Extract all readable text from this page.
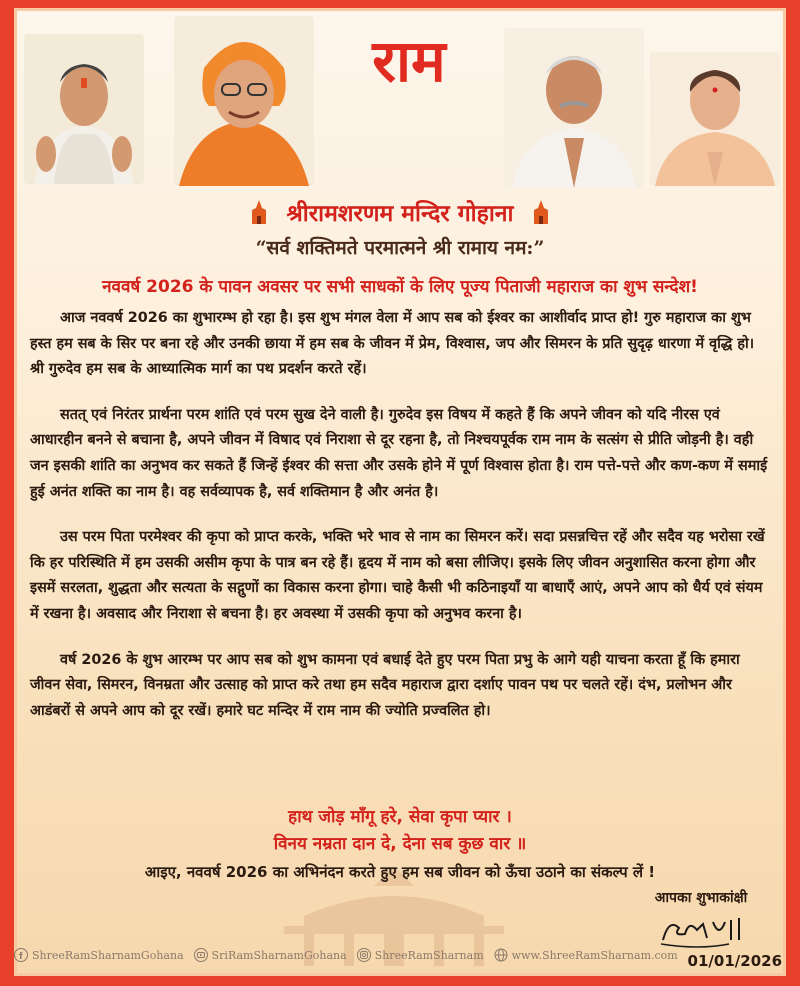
राम
श्रीरामशरणम मन्दिर गोहाना
“सर्व शक्तिमते परमात्मने श्री रामाय नम:”
नववर्ष 2026 के पावन अवसर पर सभी साधकों के लिए पूज्य पिताजी महाराज का शुभ सन्देश!

आज नववर्ष 2026 का शुभारम्भ हो रहा है। इस शुभ मंगल वेला में आप सब को ईश्वर का आशीर्वाद प्राप्त हो! गुरु महाराज का शुभ हस्त हम सब के सिर पर बना रहे और उनकी छाया में हम सब के जीवन में प्रेम, विश्वास, जप और सिमरन के प्रति सुदृढ़ धारणा में वृद्धि हो। श्री गुरुदेव हम सब के आध्यात्मिक मार्ग का पथ प्रदर्शन करते रहें।

सतत् एवं निरंतर प्रार्थना परम शांति एवं परम सुख देने वाली है। गुरुदेव इस विषय में कहते हैं कि अपने जीवन को यदि नीरस एवं आधारहीन बनने से बचाना है, अपने जीवन में विषाद एवं निराशा से दूर रहना है, तो निश्चयपूर्वक राम नाम के सत्संग से प्रीति जोड़नी है। वही जन इसकी शांति का अनुभव कर सकते हैं जिन्हें ईश्वर की सत्ता और उसके होने में पूर्ण विश्वास होता है। राम पत्ते-पत्ते और कण-कण में समाई हुई अनंत शक्ति का नाम है। वह सर्वव्यापक है, सर्व शक्तिमान है और अनंत है।

उस परम पिता परमेश्वर की कृपा को प्राप्त करके, भक्ति भरे भाव से नाम का सिमरन करें। सदा प्रसन्नचित्त रहें और सदैव यह भरोसा रखें कि हर परिस्थिति में हम उसकी असीम कृपा के पात्र बन रहे हैं। हृदय में नाम को बसा लीजिए। इसके लिए जीवन अनुशासित करना होगा और इसमें सरलता, शुद्धता और सत्यता के सद्गुणों का विकास करना होगा। चाहे कैसी भी कठिनाइयाँ या बाधाएँ आएं, अपने आप को धैर्य एवं संयम में रखना है। अवसाद और निराशा से बचना है। हर अवस्था में उसकी कृपा को अनुभव करना है।

वर्ष 2026 के शुभ आरम्भ पर आप सब को शुभ कामना एवं बधाई देते हुए परम पिता प्रभु के आगे यही याचना करता हूँ कि हमारा जीवन सेवा, सिमरन, विनम्रता और उत्साह को प्राप्त करे तथा हम सदैव महाराज द्वारा दर्शाए पावन पथ पर चलते रहें। दंभ, प्रलोभन और आडंबरों से अपने आप को दूर रखें। हमारे घट मन्दिर में राम नाम की ज्योति प्रज्वलित हो।

हाथ जोड़ माँगू हरे, सेवा कृपा प्यार ।
विनय नम्रता दान दे, देना सब कुछ वार ॥
आइए, नववर्ष 2026 का अभिनंदन करते हुए हम सब जीवन को ऊँचा उठाने का संकल्प लें !
आपका शुभाकांक्षी
01/01/2026
ShreeRamSharnamGohana	SriRamSharnamGohana	ShreeRamSharnam	www.ShreeRamSharnam.com
